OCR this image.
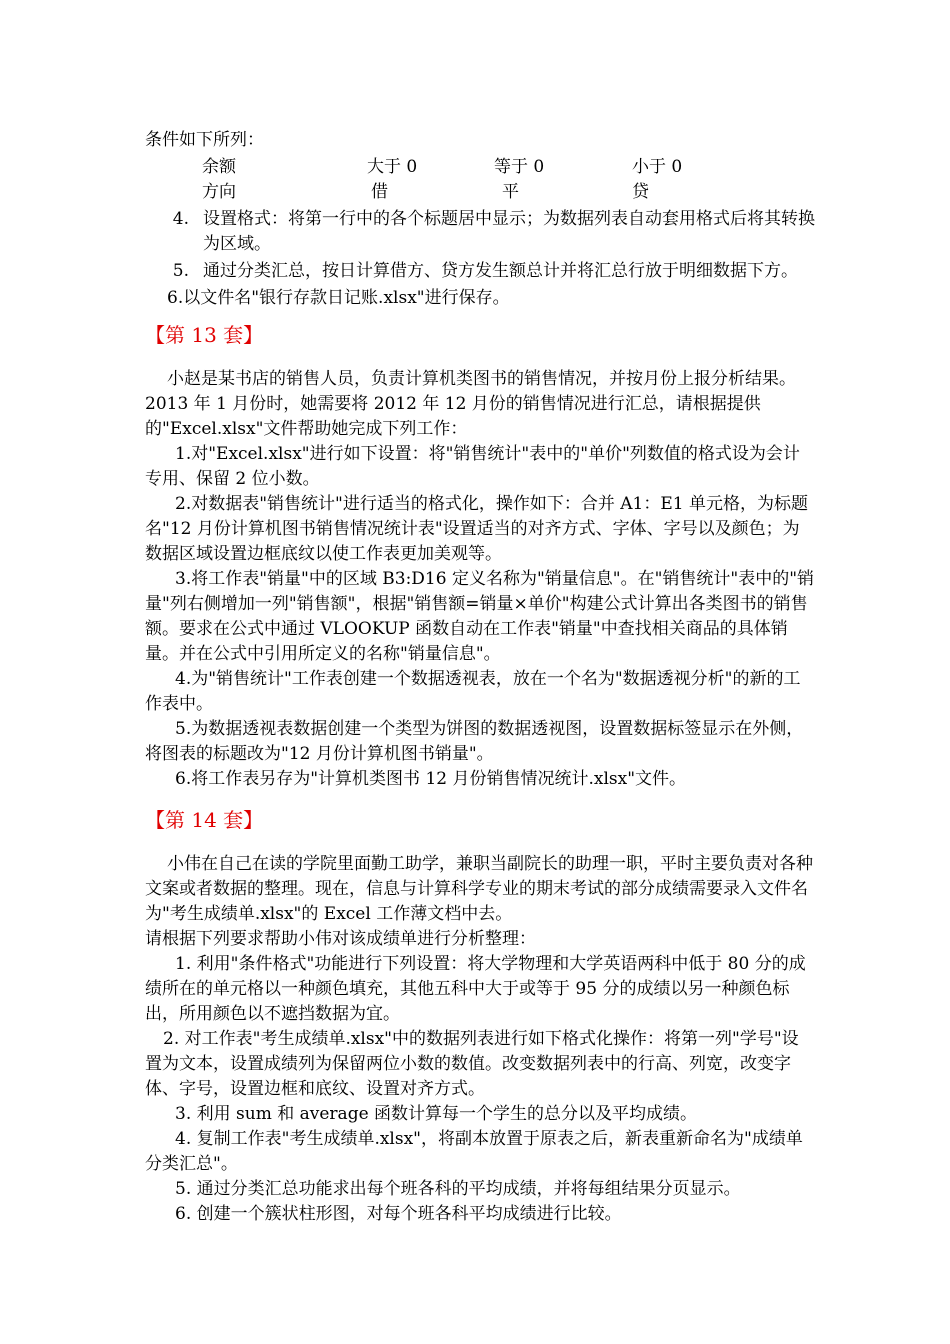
条件如下所列：

余额	大于 0	等于 0	小于 0
方向	借	平	贷
4. 设置格式：将第一行中的各个标题居中显示；为数据列表自动套用格式后将其转换为区域。
5. 通过分类汇总，按日计算借方、贷方发生额总计并将汇总行放于明细数据下方。

6.以文件名"银行存款日记账.xlsx"进行保存。

【第 13 套】

小赵是某书店的销售人员，负责计算机类图书的销售情况，并按月份上报分析结果。2013 年 1 月份时，她需要将 2012 年 12 月份的销售情况进行汇总，请根据提供的"Excel.xlsx"文件帮助她完成下列工作：

1.对"Excel.xlsx"进行如下设置：将"销售统计"表中的"单价"列数值的格式设为会计专用、保留 2 位小数。

2.对数据表"销售统计"进行适当的格式化，操作如下：合并 A1：E1 单元格，为标题名"12 月份计算机图书销售情况统计表"设置适当的对齐方式、字体、字号以及颜色；为数据区域设置边框底纹以使工作表更加美观等。

3.将工作表"销量"中的区域 B3:D16 定义名称为"销量信息"。在"销售统计"表中的"销量"列右侧增加一列"销售额"，根据"销售额=销量×单价"构建公式计算出各类图书的销售额。要求在公式中通过 VLOOKUP 函数自动在工作表"销量"中查找相关商品的具体销量。并在公式中引用所定义的名称"销量信息"。

4.为"销售统计"工作表创建一个数据透视表，放在一个名为"数据透视分析"的新的工作表中。

5.为数据透视表数据创建一个类型为饼图的数据透视图，设置数据标签显示在外侧，将图表的标题改为"12 月份计算机图书销量"。

6.将工作表另存为"计算机类图书 12 月份销售情况统计.xlsx"文件。

【第 14 套】

小伟在自己在读的学院里面勤工助学，兼职当副院长的助理一职，平时主要负责对各种文案或者数据的整理。现在，信息与计算科学专业的期末考试的部分成绩需要录入文件名为"考生成绩单.xlsx"的 Excel 工作薄文档中去。

请根据下列要求帮助小伟对该成绩单进行分析整理：

1. 利用"条件格式"功能进行下列设置：将大学物理和大学英语两科中低于 80 分的成绩所在的单元格以一种颜色填充，其他五科中大于或等于 95 分的成绩以另一种颜色标出，所用颜色以不遮挡数据为宜。

2. 对工作表"考生成绩单.xlsx"中的数据列表进行如下格式化操作：将第一列"学号"设置为文本，设置成绩列为保留两位小数的数值。改变数据列表中的行高、列宽，改变字体、字号，设置边框和底纹、设置对齐方式。

3. 利用 sum 和 average 函数计算每一个学生的总分以及平均成绩。

4. 复制工作表"考生成绩单.xlsx"，将副本放置于原表之后，新表重新命名为"成绩单分类汇总"。

5. 通过分类汇总功能求出每个班各科的平均成绩，并将每组结果分页显示。

6. 创建一个簇状柱形图，对每个班各科平均成绩进行比较。
